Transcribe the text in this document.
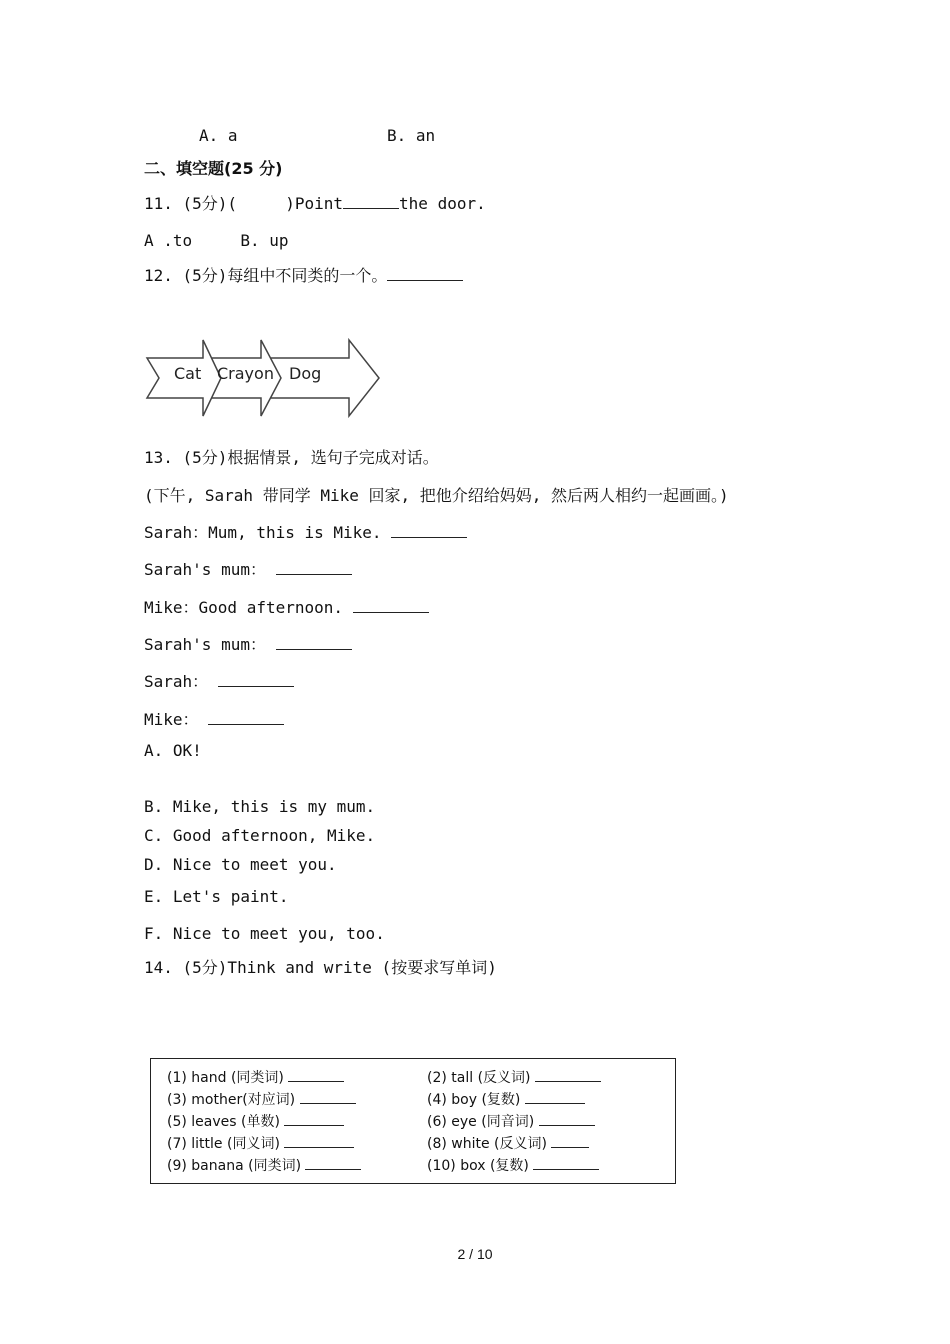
A. a	B. an
二、填空题(25 分)
11. (5分)(     )Point	the door.
A .to     B. up
12. (5分)每组中不同类的一个。
Cat Crayon Dog
13. (5分)根据情景, 选句子完成对话。
(下午, Sarah 带同学 Mike 回家, 把他介绍给妈妈, 然后两人相约一起画画。)
Sarah：Mum, this is Mike.
Sarah's mum：
Mike：Good afternoon.
Sarah's mum：
Sarah：
Mike：
A. OK!
B. Mike, this is my mum.
C. Good afternoon, Mike.
D. Nice to meet you.
E. Let's paint.
F. Nice to meet you, too.
14. (5分)Think and write (按要求写单词)
(1) hand (同类词)	(2) tall (反义词)
(3) mother(对应词)	(4) boy (复数)
(5) leaves (单数)	(6) eye (同音词)
(7) little (同义词)	(8) white (反义词)
(9) banana (同类词)	(10) box (复数)
2 / 10
